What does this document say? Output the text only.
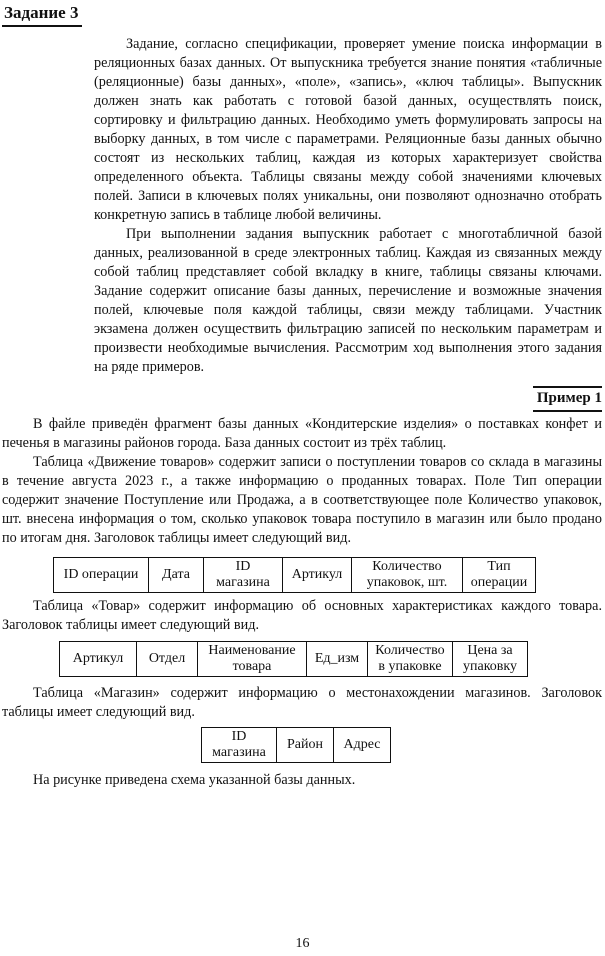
Задание 3

Задание, согласно спецификации, проверяет умение поиска информации в реляционных базах данных. От выпускника требуется знание понятия «табличные (реляционные) базы данных», «поле», «запись», «ключ таблицы». Выпускник должен знать как работать с готовой базой данных, осуществлять поиск, сортировку и фильтрацию данных. Необходимо уметь формулировать запросы на выборку данных, в том числе с параметрами. Реляционные базы данных обычно состоят из нескольких таблиц, каждая из которых характеризует свойства определенного объекта. Таблицы связаны между собой значениями ключевых полей. Записи в ключевых полях уникальны, они позволяют однозначно отобрать конкретную запись в таблице любой величины.

При выполнении задания выпускник работает с многотабличной базой данных, реализованной в среде электронных таблиц. Каждая из связанных между собой таблиц представляет собой вкладку в книге, таблицы связаны ключами. Задание содержит описание базы данных, перечисление и возможные значения полей, ключевые поля каждой таблицы, связи между таблицами. Участник экзамена должен осуществить фильтрацию записей по нескольким параметрам и произвести необходимые вычисления. Рассмотрим ход выполнения этого задания на ряде примеров.

Пример 1

В файле приведён фрагмент базы данных «Кондитерские изделия» о поставках конфет и печенья в магазины районов города. База данных состоит из трёх таблиц.

Таблица «Движение товаров» содержит записи о поступлении товаров со склада в магазины в течение августа 2023 г., а также информацию о проданных товарах. Поле Тип операции содержит значение Поступление или Продажа, а в соответствующее поле Количество упаковок, шт. внесена информация о том, сколько упаковок товара поступило в магазин или было продано по итогам дня. Заголовок таблицы имеет следующий вид.

ID операции	Дата	ID магазина	Артикул	Количество упаковок, шт.	Тип операции

Таблица «Товар» содержит информацию об основных характеристиках каждого товара. Заголовок таблицы имеет следующий вид.

Артикул	Отдел	Наименование товара	Ед_изм	Количество в упаковке	Цена за упаковку

Таблица «Магазин» содержит информацию о местонахождении магазинов. Заголовок таблицы имеет следующий вид.

ID магазина	Район	Адрес
На рисунке приведена схема указанной базы данных.
16
